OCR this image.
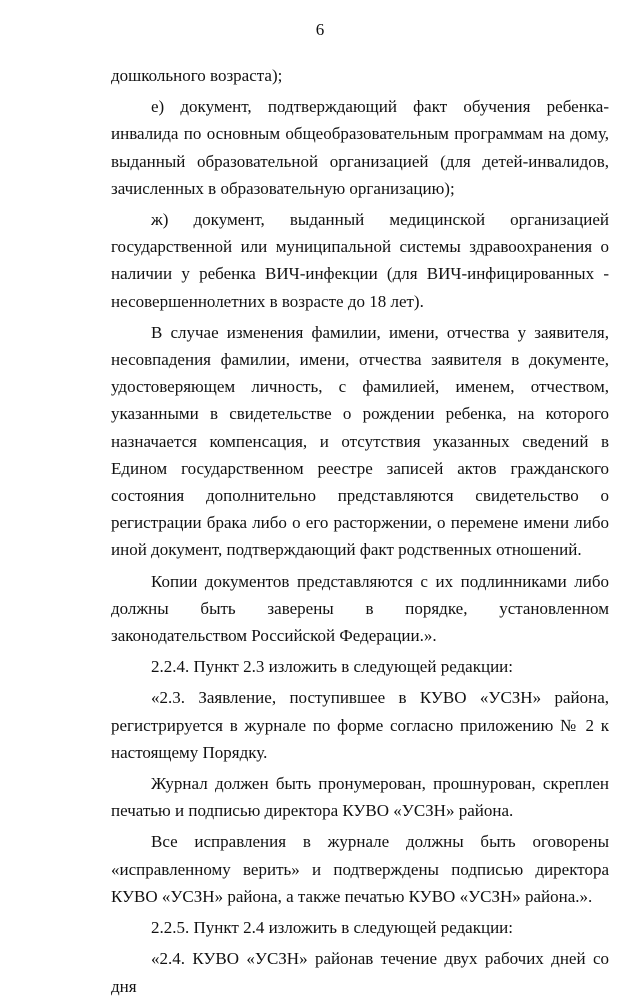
6

дошкольного возраста);

е) документ, подтверждающий факт обучения ребенка-инвалида по основным общеобразовательным программам на дому, выданный образовательной организацией (для детей-инвалидов, зачисленных в образовательную организацию);

ж) документ, выданный медицинской организацией государственной или муниципальной системы здравоохранения о наличии у ребенка ВИЧ-инфекции (для ВИЧ-инфицированных - несовершеннолетних в возрасте до 18 лет).

В случае изменения фамилии, имени, отчества у заявителя, несовпадения фамилии, имени, отчества заявителя в документе, удостоверяющем личность, с фамилией, именем, отчеством, указанными в свидетельстве о рождении ребенка, на которого назначается компенсация, и отсутствия указанных сведений в Едином государственном реестре записей актов гражданского состояния дополнительно представляются свидетельство о регистрации брака либо о его расторжении, о перемене имени либо иной документ, подтверждающий факт родственных отношений.

Копии документов представляются с их подлинниками либо должны быть заверены в порядке, установленном законодательством Российской Федерации.».

2.2.4. Пункт 2.3 изложить в следующей редакции:

«2.3. Заявление, поступившее в КУВО «УСЗН» района, регистрируется в журнале по форме согласно приложению № 2 к настоящему Порядку.

Журнал должен быть пронумерован, прошнурован, скреплен печатью и подписью директора КУВО «УСЗН» района.

Все исправления в журнале должны быть оговорены «исправленному верить» и подтверждены подписью директора КУВО «УСЗН» района, а также печатью КУВО «УСЗН» района.».

2.2.5. Пункт 2.4 изложить в следующей редакции:

«2.4. КУВО «УСЗН» районав течение двух рабочих дней со дня
